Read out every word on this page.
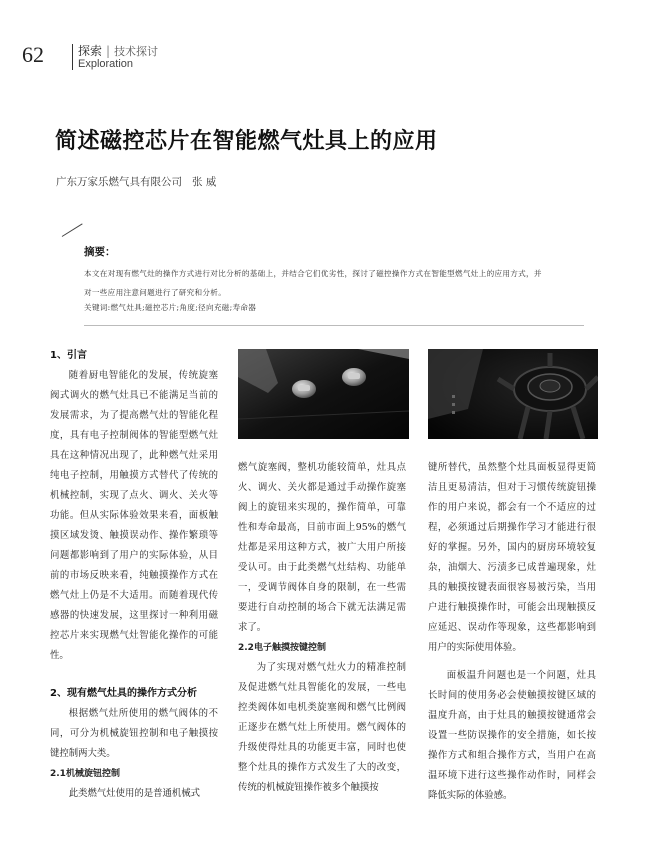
62	探索 | 技术探讨
Exploration
简述磁控芯片在智能燃气灶具上的应用
广东万家乐燃气具有限公司 张 威
摘要：
本文在对现有燃气灶的操作方式进行对比分析的基础上，并结合它们优劣性，探讨了磁控操作方式在智能型燃气灶上的应用方式，并对一些应用注意问题进行了研究和分析。
关键词:燃气灶具;磁控芯片;角度;径向充磁;寿命器

1、引言

随着厨电智能化的发展，传统旋塞阀式调火的燃气灶具已不能满足当前的发展需求，为了提高燃气灶的智能化程度，具有电子控制阀体的智能型燃气灶具在这种情况出现了，此种燃气灶采用纯电子控制，用触摸方式替代了传统的机械控制，实现了点火、调火、关火等功能。但从实际体验效果来看，面板触摸区域发烫、触摸误动作、操作繁琐等问题都影响到了用户的实际体验，从目前的市场反映来看，纯触摸操作方式在燃气灶上仍是不大适用。而随着现代传感器的快速发展，这里探讨一种利用磁控芯片来实现燃气灶智能化操作的可能性。

2、现有燃气灶具的操作方式分析

根据燃气灶所使用的燃气阀体的不同，可分为机械旋钮控制和电子触摸按键控制两大类。

2.1机械旋钮控制

此类燃气灶使用的是普通机械式

燃气旋塞阀，整机功能较简单，灶具点火、调火、关火都是通过手动操作旋塞阀上的旋钮来实现的，操作简单，可靠性和寿命最高，目前市面上95%的燃气灶都是采用这种方式，被广大用户所接受认可。由于此类燃气灶结构、功能单一，受调节阀体自身的限制，在一些需要进行自动控制的场合下就无法满足需求了。

2.2电子触摸按键控制

为了实现对燃气灶火力的精准控制及促进燃气灶具智能化的发展，一些电控类阀体如电机类旋塞阀和燃气比例阀正逐步在燃气灶上所使用。燃气阀体的升级使得灶具的功能更丰富，同时也使整个灶具的操作方式发生了大的改变，传统的机械旋钮操作被多个触摸按

键所替代，虽然整个灶具面板显得更简洁且更易清洁，但对于习惯传统旋钮操作的用户来说，都会有一个不适应的过程，必须通过后期操作学习才能进行很好的掌握。另外，国内的厨房环境较复杂，油烟大、污渍多已成普遍现象，灶具的触摸按键表面很容易被污染，当用户进行触摸操作时，可能会出现触摸反应延迟、误动作等现象，这些都影响到用户的实际使用体验。

面板温升问题也是一个问题，灶具长时间的使用务必会使触摸按键区域的温度升高，由于灶具的触摸按键通常会设置一些防误操作的安全措施，如长按操作方式和组合操作方式，当用户在高温环境下进行这些操作动作时，同样会降低实际的体验感。
